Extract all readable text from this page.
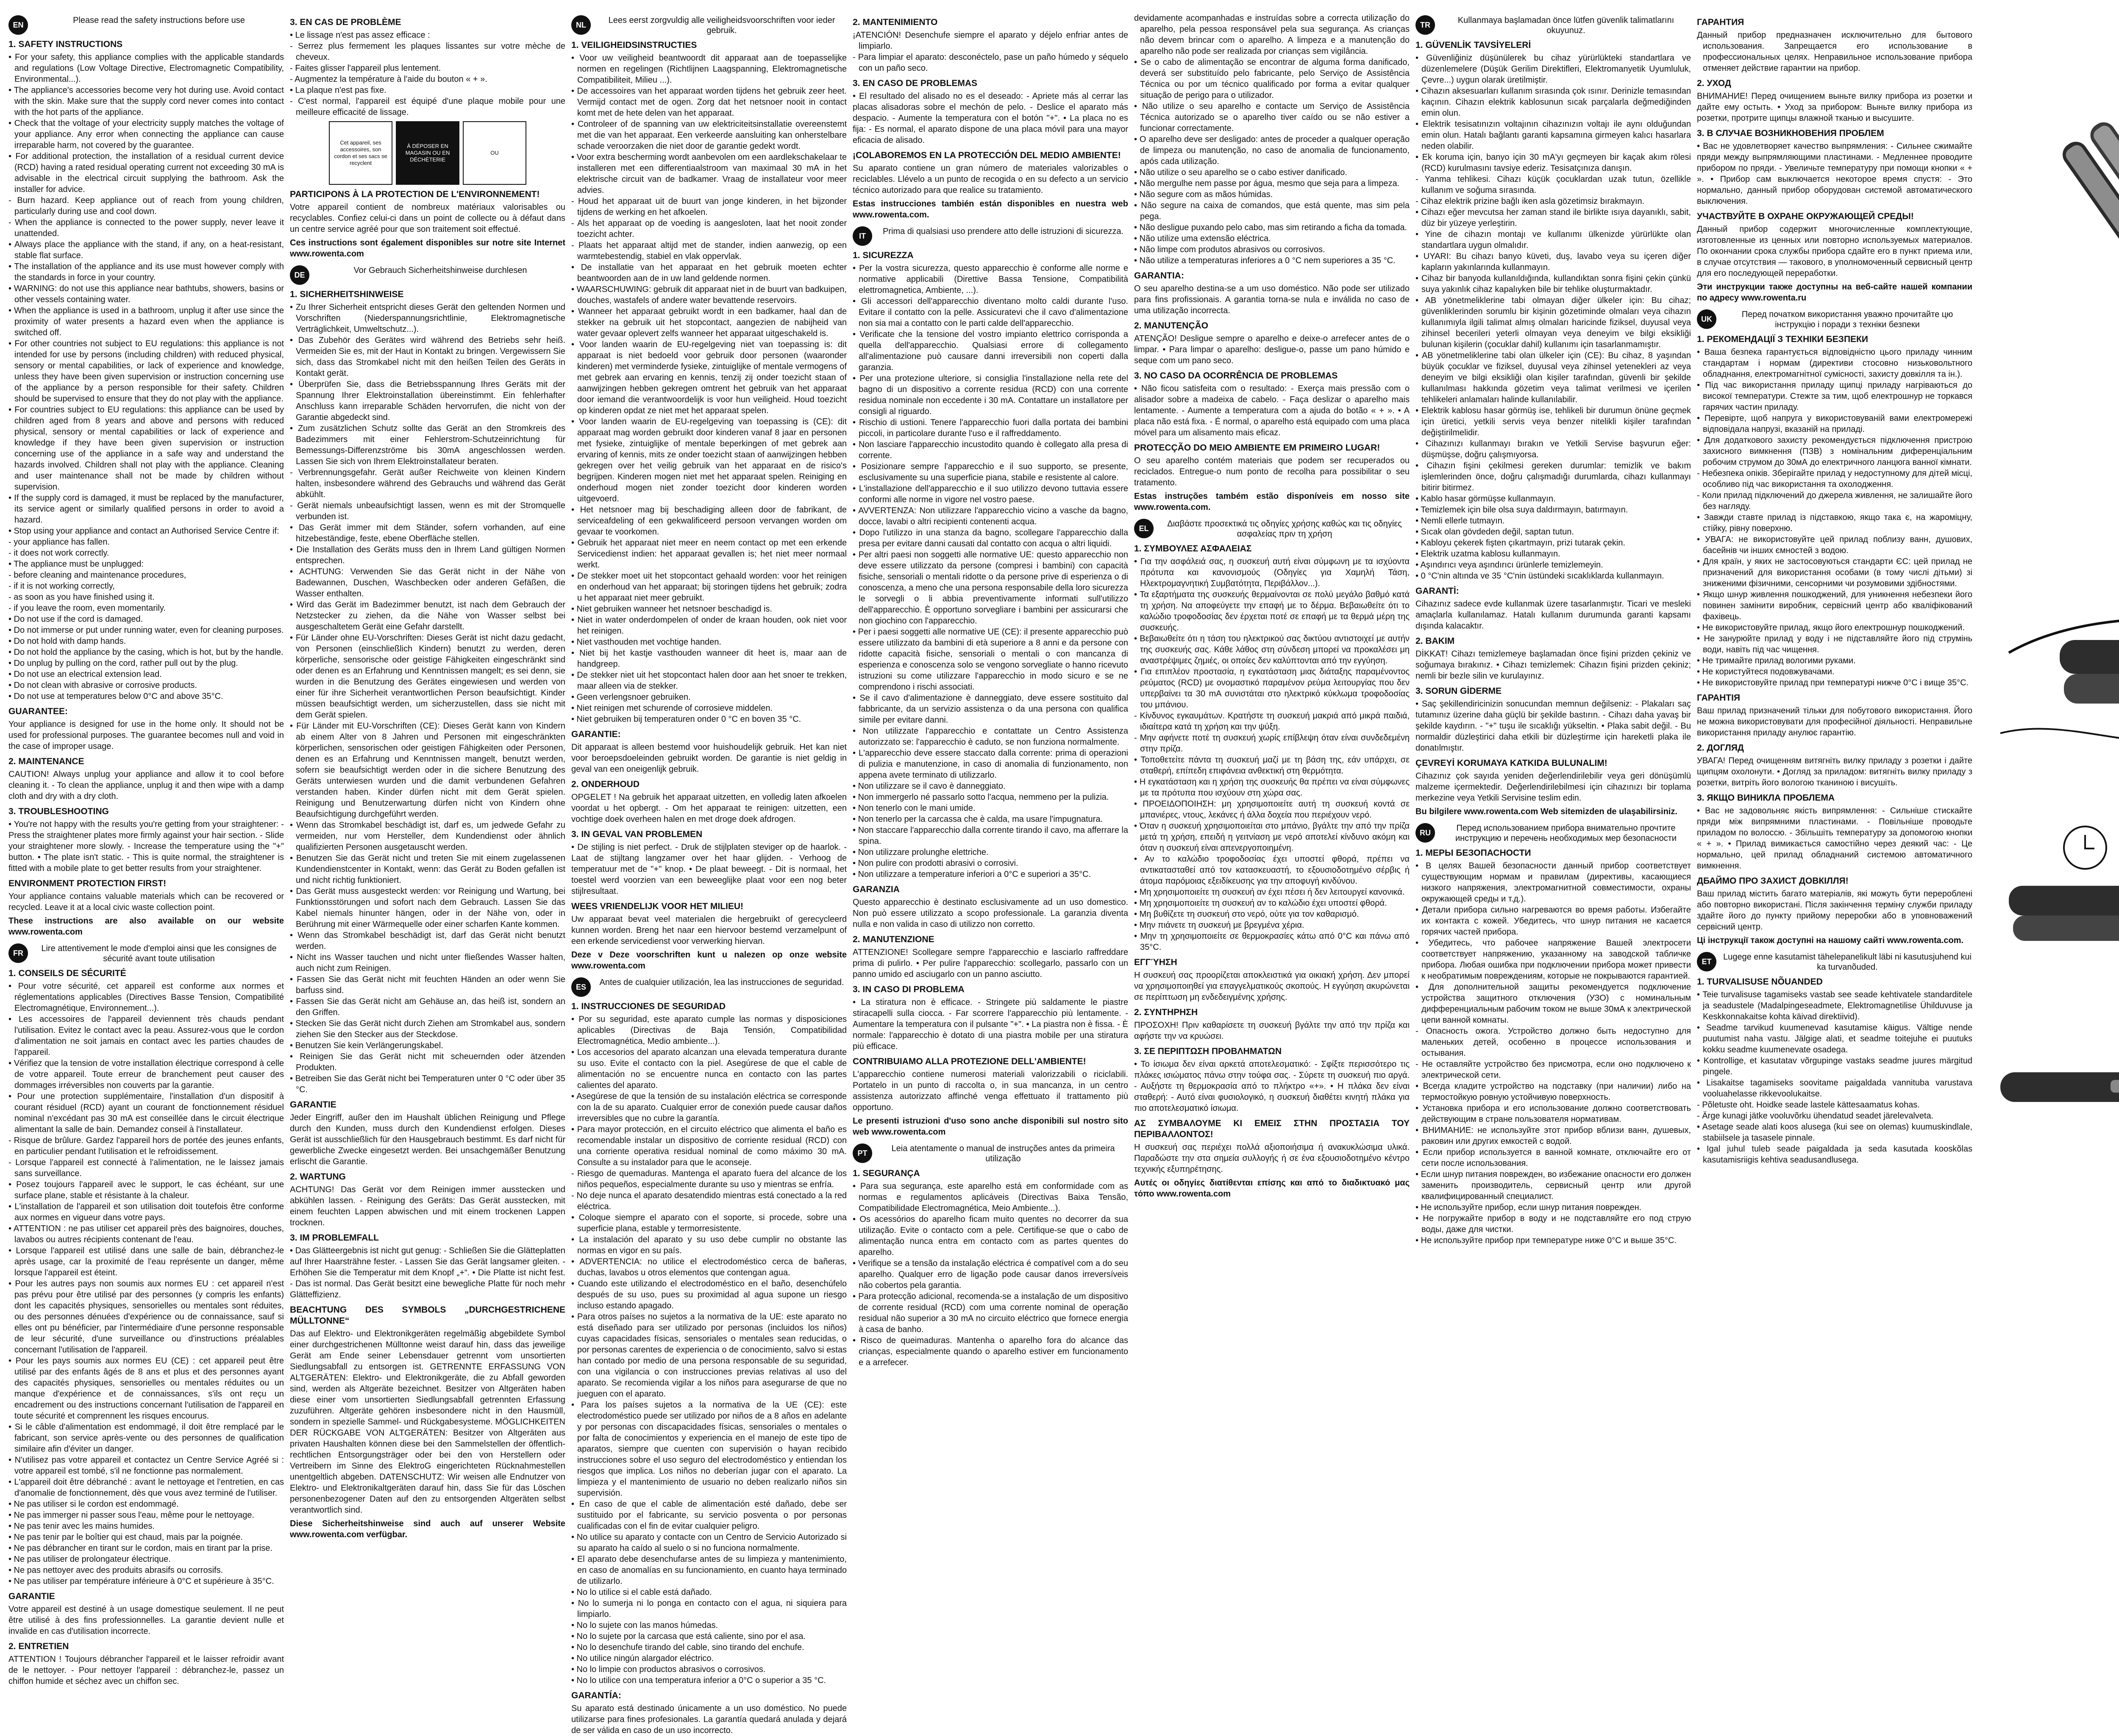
EN	Please read the safety instructions before use
1. SAFETY INSTRUCTIONS

• For your safety, this appliance complies with the applicable standards and regulations (Low Voltage Directive, Electromagnetic Compatibility, Environmental...).

• The appliance's accessories become very hot during use. Avoid contact with the skin. Make sure that the supply cord never comes into contact with the hot parts of the appliance.

• Check that the voltage of your electricity supply matches the voltage of your appliance. Any error when connecting the appliance can cause irreparable harm, not covered by the guarantee.

• For additional protection, the installation of a residual current device (RCD) having a rated residual operating current not exceeding 30 mA is advisable in the electrical circuit supplying the bathroom. Ask the installer for advice.

- Burn hazard. Keep appliance out of reach from young children, particularly during use and cool down.

- When the appliance is connected to the power supply, never leave it unattended.

• Always place the appliance with the stand, if any, on a heat-resistant, stable flat surface.

• The installation of the appliance and its use must however comply with the standards in force in your country.

• WARNING: do not use this appliance near bathtubs, showers, basins or other vessels containing water.

• When the appliance is used in a bathroom, unplug it after use since the proximity of water presents a hazard even when the appliance is switched off.

• For other countries not subject to EU regulations: this appliance is not intended for use by persons (including children) with reduced physical, sensory or mental capabilities, or lack of experience and knowledge, unless they have been given supervision or instruction concerning use of the appliance by a person responsible for their safety. Children should be supervised to ensure that they do not play with the appliance.

• For countries subject to EU regulations: this appliance can be used by children aged from 8 years and above and persons with reduced physical, sensory or mental capabilities or lack of experience and knowledge if they have been given supervision or instruction concerning use of the appliance in a safe way and understand the hazards involved. Children shall not play with the appliance. Cleaning and user maintenance shall not be made by children without supervision.

• If the supply cord is damaged, it must be replaced by the manufacturer, its service agent or similarly qualified persons in order to avoid a hazard.

• Stop using your appliance and contact an Authorised Service Centre if:

- your appliance has fallen.

- it does not work correctly.

• The appliance must be unplugged:

- before cleaning and maintenance procedures,

- if it is not working correctly,

- as soon as you have finished using it.

- if you leave the room, even momentarily.

• Do not use if the cord is damaged.

• Do not immerse or put under running water, even for cleaning purposes.

• Do not hold with damp hands.

• Do not hold the appliance by the casing, which is hot, but by the handle.

• Do unplug by pulling on the cord, rather pull out by the plug.

• Do not use an electrical extension lead.

• Do not clean with abrasive or corrosive products.

• Do not use at temperatures below 0°C and above 35°C.

GUARANTEE:

Your appliance is designed for use in the home only. It should not be used for professional purposes. The guarantee becomes null and void in the case of improper usage.

2. MAINTENANCE

CAUTION! Always unplug your appliance and allow it to cool before cleaning it. - To clean the appliance, unplug it and then wipe with a damp cloth and dry with a dry cloth.

3. TROUBLESHOOTING

• You're not happy with the results you're getting from your straightener: - Press the straightener plates more firmly against your hair section. - Slide your straightener more slowly. - Increase the temperature using the "+" button. • The plate isn't static. - This is quite normal, the straightener is fitted with a mobile plate to get better results from your straightener.

ENVIRONMENT PROTECTION FIRST!

Your appliance contains valuable materials which can be recovered or recycled. Leave it at a local civic waste collection point.

These instructions are also available on our website www.rowenta.com

FR	Lire attentivement le mode d'emploi ainsi que les consignes de sécurité avant toute utilisation
1. CONSEILS DE SÉCURITÉ

• Pour votre sécurité, cet appareil est conforme aux normes et réglementations applicables (Directives Basse Tension, Compatibilité Electromagnétique, Environnement...).

• Les accessoires de l'appareil deviennent très chauds pendant l'utilisation. Evitez le contact avec la peau. Assurez-vous que le cordon d'alimentation ne soit jamais en contact avec les parties chaudes de l'appareil.

• Vérifiez que la tension de votre installation électrique correspond à celle de votre appareil. Toute erreur de branchement peut causer des dommages irréversibles non couverts par la garantie.

• Pour une protection supplémentaire, l'installation d'un dispositif à courant résiduel (RCD) ayant un courant de fonctionnement résiduel nominal n'excédant pas 30 mA est conseillée dans le circuit électrique alimentant la salle de bain. Demandez conseil à l'installateur.

- Risque de brûlure. Gardez l'appareil hors de portée des jeunes enfants, en particulier pendant l'utilisation et le refroidissement.

- Lorsque l'appareil est connecté à l'alimentation, ne le laissez jamais sans surveillance.

• Posez toujours l'appareil avec le support, le cas échéant, sur une surface plane, stable et résistante à la chaleur.

• L'installation de l'appareil et son utilisation doit toutefois être conforme aux normes en vigueur dans votre pays.

• ATTENTION : ne pas utiliser cet appareil près des baignoires, douches, lavabos ou autres récipients contenant de l'eau.

• Lorsque l'appareil est utilisé dans une salle de bain, débranchez-le après usage, car la proximité de l'eau représente un danger, même lorsque l'appareil est éteint.

• Pour les autres pays non soumis aux normes EU : cet appareil n'est pas prévu pour être utilisé par des personnes (y compris les enfants) dont les capacités physiques, sensorielles ou mentales sont réduites, ou des personnes dénuées d'expérience ou de connaissance, sauf si elles ont pu bénéficier, par l'intermédiaire d'une personne responsable de leur sécurité, d'une surveillance ou d'instructions préalables concernant l'utilisation de l'appareil.

• Pour les pays soumis aux normes EU (CE) : cet appareil peut être utilisé par des enfants âgés de 8 ans et plus et des personnes ayant des capacités physiques, sensorielles ou mentales réduites ou un manque d'expérience et de connaissances, s'ils ont reçu un encadrement ou des instructions concernant l'utilisation de l'appareil en toute sécurité et comprennent les risques encourus.

• Si le câble d'alimentation est endommagé, il doit être remplacé par le fabricant, son service après-vente ou des personnes de qualification similaire afin d'éviter un danger.

• N'utilisez pas votre appareil et contactez un Centre Service Agréé si : votre appareil est tombé, s'il ne fonctionne pas normalement.

• L'appareil doit être débranché : avant le nettoyage et l'entretien, en cas d'anomalie de fonctionnement, dès que vous avez terminé de l'utiliser.

• Ne pas utiliser si le cordon est endommagé.

• Ne pas immerger ni passer sous l'eau, même pour le nettoyage.

• Ne pas tenir avec les mains humides.

• Ne pas tenir par le boîtier qui est chaud, mais par la poignée.

• Ne pas débrancher en tirant sur le cordon, mais en tirant par la prise.

• Ne pas utiliser de prolongateur électrique.

• Ne pas nettoyer avec des produits abrasifs ou corrosifs.

• Ne pas utiliser par température inférieure à 0°C et supérieure à 35°C.

GARANTIE

Votre appareil est destiné à un usage domestique seulement. Il ne peut être utilisé à des fins professionnelles. La garantie devient nulle et invalide en cas d'utilisation incorrecte.

2. ENTRETIEN

ATTENTION ! Toujours débrancher l'appareil et le laisser refroidir avant de le nettoyer. - Pour nettoyer l'appareil : débranchez-le, passez un chiffon humide et séchez avec un chiffon sec.

3. EN CAS DE PROBLÈME

• Le lissage n'est pas assez efficace :

- Serrez plus fermement les plaques lissantes sur votre mèche de cheveux.

- Faites glisser l'appareil plus lentement.

- Augmentez la température à l'aide du bouton « + ».

• La plaque n'est pas fixe.

- C'est normal, l'appareil est équipé d'une plaque mobile pour une meilleure efficacité de lissage.

Cet appareil, ses accessoires, son cordon et ses sacs se recyclent
À DÉPOSER EN MAGASIN OU EN DÉCHÈTERIE
OU
PARTICIPONS À LA PROTECTION DE L'ENVIRONNEMENT!

Votre appareil contient de nombreux matériaux valorisables ou recyclables. Confiez celui-ci dans un point de collecte ou à défaut dans un centre service agréé pour que son traitement soit effectué.

Ces instructions sont également disponibles sur notre site Internet www.rowenta.com

DE	Vor Gebrauch Sicherheitshinweise durchlesen
1. SICHERHEITSHINWEISE

• Zu Ihrer Sicherheit entspricht dieses Gerät den geltenden Normen und Vorschriften (Niederspannungsrichtlinie, Elektromagnetische Verträglichkeit, Umweltschutz...).

• Das Zubehör des Gerätes wird während des Betriebs sehr heiß. Vermeiden Sie es, mit der Haut in Kontakt zu bringen. Vergewissern Sie sich, dass das Stromkabel nicht mit den heißen Teilen des Geräts in Kontakt gerät.

• Überprüfen Sie, dass die Betriebsspannung Ihres Geräts mit der Spannung Ihrer Elektroinstallation übereinstimmt. Ein fehlerhafter Anschluss kann irreparable Schäden hervorrufen, die nicht von der Garantie abgedeckt sind.

• Zum zusätzlichen Schutz sollte das Gerät an den Stromkreis des Badezimmers mit einer Fehlerstrom-Schutzeinrichtung für Bemessungs-Differenzströme bis 30mA angeschlossen werden. Lassen Sie sich von Ihrem Elektroinstallateur beraten.

- Verbrennungsgefahr. Gerät außer Reichweite von kleinen Kindern halten, insbesondere während des Gebrauchs und während das Gerät abkühlt.

- Gerät niemals unbeaufsichtigt lassen, wenn es mit der Stromquelle verbunden ist.

• Das Gerät immer mit dem Ständer, sofern vorhanden, auf eine hitzebeständige, feste, ebene Oberfläche stellen.

• Die Installation des Geräts muss den in Ihrem Land gültigen Normen entsprechen.

• ACHTUNG: Verwenden Sie das Gerät nicht in der Nähe von Badewannen, Duschen, Waschbecken oder anderen Gefäßen, die Wasser enthalten.

• Wird das Gerät im Badezimmer benutzt, ist nach dem Gebrauch der Netzstecker zu ziehen, da die Nähe von Wasser selbst bei ausgeschaltetem Gerät eine Gefahr darstellt.

• Für Länder ohne EU-Vorschriften: Dieses Gerät ist nicht dazu gedacht, von Personen (einschließlich Kindern) benutzt zu werden, deren körperliche, sensorische oder geistige Fähigkeiten eingeschränkt sind oder denen es an Erfahrung und Kenntnissen mangelt; es sei denn, sie wurden in die Benutzung des Gerätes eingewiesen und werden von einer für ihre Sicherheit verantwortlichen Person beaufsichtigt. Kinder müssen beaufsichtigt werden, um sicherzustellen, dass sie nicht mit dem Gerät spielen.

• Für Länder mit EU-Vorschriften (CE): Dieses Gerät kann von Kindern ab einem Alter von 8 Jahren und Personen mit eingeschränkten körperlichen, sensorischen oder geistigen Fähigkeiten oder Personen, denen es an Erfahrung und Kenntnissen mangelt, benutzt werden, sofern sie beaufsichtigt werden oder in die sichere Benutzung des Geräts unterwiesen wurden und die damit verbundenen Gefahren verstanden haben. Kinder dürfen nicht mit dem Gerät spielen. Reinigung und Benutzerwartung dürfen nicht von Kindern ohne Beaufsichtigung durchgeführt werden.

• Wenn das Stromkabel beschädigt ist, darf es, um jedwede Gefahr zu vermeiden, nur vom Hersteller, dem Kundendienst oder ähnlich qualifizierten Personen ausgetauscht werden.

• Benutzen Sie das Gerät nicht und treten Sie mit einem zugelassenen Kundendienstcenter in Kontakt, wenn: das Gerät zu Boden gefallen ist und nicht richtig funktioniert.

• Das Gerät muss ausgesteckt werden: vor Reinigung und Wartung, bei Funktionsstörungen und sofort nach dem Gebrauch. Lassen Sie das Kabel niemals hinunter hängen, oder in der Nähe von, oder in Berührung mit einer Wärmequelle oder einer scharfen Kante kommen.

• Wenn das Stromkabel beschädigt ist, darf das Gerät nicht benutzt werden.

• Nicht ins Wasser tauchen und nicht unter fließendes Wasser halten, auch nicht zum Reinigen.

• Fassen Sie das Gerät nicht mit feuchten Händen an oder wenn Sie barfuss sind.

• Fassen Sie das Gerät nicht am Gehäuse an, das heiß ist, sondern an den Griffen.

• Stecken Sie das Gerät nicht durch Ziehen am Stromkabel aus, sondern ziehen Sie den Stecker aus der Steckdose.

• Benutzen Sie kein Verlängerungskabel.

• Reinigen Sie das Gerät nicht mit scheuernden oder ätzenden Produkten.

• Betreiben Sie das Gerät nicht bei Temperaturen unter 0 °C oder über 35 °C.

GARANTIE

Jeder Eingriff, außer den im Haushalt üblichen Reinigung und Pflege durch den Kunden, muss durch den Kundendienst erfolgen. Dieses Gerät ist ausschließlich für den Hausgebrauch bestimmt. Es darf nicht für gewerbliche Zwecke eingesetzt werden. Bei unsachgemäßer Benutzung erlischt die Garantie.

2. WARTUNG

ACHTUNG! Das Gerät vor dem Reinigen immer ausstecken und abkühlen lassen. - Reinigung des Geräts: Das Gerät ausstecken, mit einem feuchten Lappen abwischen und mit einem trockenen Lappen trocknen.

3. IM PROBLEMFALL

• Das Glätteergebnis ist nicht gut genug: - Schließen Sie die Glätteplatten auf Ihrer Haarsträhne fester. - Lassen Sie das Gerät langsamer gleiten. - Erhöhen Sie die Temperatur mit dem Knopf „+“. • Die Platte ist nicht fest. - Das ist normal. Das Gerät besitzt eine bewegliche Platte für noch mehr Glätteffizienz.

BEACHTUNG DES SYMBOLS „DURCHGESTRICHENE MÜLLTONNE“

Das auf Elektro- und Elektronikgeräten regelmäßig abgebildete Symbol einer durchgestrichenen Mülltonne weist darauf hin, dass das jeweilige Gerät am Ende seiner Lebensdauer getrennt vom unsortierten Siedlungsabfall zu entsorgen ist. GETRENNTE ERFASSUNG VON ALTGERÄTEN: Elektro- und Elektronikgeräte, die zu Abfall geworden sind, werden als Altgeräte bezeichnet. Besitzer von Altgeräten haben diese einer vom unsortierten Siedlungsabfall getrennten Erfassung zuzuführen. Altgeräte gehören insbesondere nicht in den Hausmüll, sondern in spezielle Sammel- und Rückgabesysteme. MÖGLICHKEITEN DER RÜCKGABE VON ALTGERÄTEN: Besitzer von Altgeräten aus privaten Haushalten können diese bei den Sammelstellen der öffentlich-rechtlichen Entsorgungsträger oder bei den von Herstellern oder Vertreibern im Sinne des ElektroG eingerichteten Rücknahmestellen unentgeltlich abgeben. DATENSCHUTZ: Wir weisen alle Endnutzer von Elektro- und Elektronikaltgeräten darauf hin, dass Sie für das Löschen personenbezogener Daten auf den zu entsorgenden Altgeräten selbst verantwortlich sind.

Diese Sicherheitshinweise sind auch auf unserer Website www.rowenta.com verfügbar.

NL	Lees eerst zorgvuldig alle veiligheidsvoorschriften voor ieder gebruik.
1. VEILIGHEIDSINSTRUCTIES

• Voor uw veiligheid beantwoordt dit apparaat aan de toepasselijke normen en regelingen (Richtlijnen Laagspanning, Elektromagnetische Compatibiliteit, Milieu ...).

• De accessoires van het apparaat worden tijdens het gebruik zeer heet. Vermijd contact met de ogen. Zorg dat het netsnoer nooit in contact komt met de hete delen van het apparaat.

• Controleer of de spanning van uw elektriciteitsinstallatie overeenstemt met die van het apparaat. Een verkeerde aansluiting kan onherstelbare schade veroorzaken die niet door de garantie gedekt wordt.

• Voor extra bescherming wordt aanbevolen om een aardlekschakelaar te installeren met een differentiaalstroom van maximaal 30 mA in het elektrische circuit van de badkamer. Vraag de installateur voor meer advies.

- Houd het apparaat uit de buurt van jonge kinderen, in het bijzonder tijdens de werking en het afkoelen.

- Als het apparaat op de voeding is aangesloten, laat het nooit zonder toezicht achter.

- Plaats het apparaat altijd met de stander, indien aanwezig, op een warmtebestendig, stabiel en vlak oppervlak.

• De installatie van het apparaat en het gebruik moeten echter beantwoorden aan de in uw land geldende normen.

• WAARSCHUWING: gebruik dit apparaat niet in de buurt van badkuipen, douches, wastafels of andere water bevattende reservoirs.

• Wanneer het apparaat gebruikt wordt in een badkamer, haal dan de stekker na gebruik uit het stopcontact, aangezien de nabijheid van water gevaar oplevert zelfs wanneer het apparaat uitgeschakeld is.

• Voor landen waarin de EU-regelgeving niet van toepassing is: dit apparaat is niet bedoeld voor gebruik door personen (waaronder kinderen) met verminderde fysieke, zintuiglijke of mentale vermogens of met gebrek aan ervaring en kennis, tenzij zij onder toezicht staan of aanwijzingen hebben gekregen omtrent het gebruik van het apparaat door iemand die verantwoordelijk is voor hun veiligheid. Houd toezicht op kinderen opdat ze niet met het apparaat spelen.

• Voor landen waarin de EU-regelgeving van toepassing is (CE): dit apparaat mag worden gebruikt door kinderen vanaf 8 jaar en personen met fysieke, zintuiglijke of mentale beperkingen of met gebrek aan ervaring of kennis, mits ze onder toezicht staan of aanwijzingen hebben gekregen over het veilig gebruik van het apparaat en de risico's begrijpen. Kinderen mogen niet met het apparaat spelen. Reiniging en onderhoud mogen niet zonder toezicht door kinderen worden uitgevoerd.

• Het netsnoer mag bij beschadiging alleen door de fabrikant, de serviceafdeling of een gekwalificeerd persoon vervangen worden om gevaar te voorkomen.

• Gebruik het apparaat niet meer en neem contact op met een erkende Servicedienst indien: het apparaat gevallen is; het niet meer normaal werkt.

• De stekker moet uit het stopcontact gehaald worden: voor het reinigen en onderhoud van het apparaat; bij storingen tijdens het gebruik; zodra u het apparaat niet meer gebruikt.

• Niet gebruiken wanneer het netsnoer beschadigd is.

• Niet in water onderdompelen of onder de kraan houden, ook niet voor het reinigen.

• Niet vasthouden met vochtige handen.

• Niet bij het kastje vasthouden wanneer dit heet is, maar aan de handgreep.

• De stekker niet uit het stopcontact halen door aan het snoer te trekken, maar alleen via de stekker.

• Geen verlengsnoer gebruiken.

• Niet reinigen met schurende of corrosieve middelen.

• Niet gebruiken bij temperaturen onder 0 °C en boven 35 °C.

GARANTIE:

Dit apparaat is alleen bestemd voor huishoudelijk gebruik. Het kan niet voor beroepsdoeleinden gebruikt worden. De garantie is niet geldig in geval van een oneigenlijk gebruik.

2. ONDERHOUD

OPGELET ! Na gebruik het apparaat uitzetten, en volledig laten afkoelen voordat u het opbergt. - Om het apparaat te reinigen: uitzetten, een vochtige doek overheen halen en met droge doek afdrogen.

3. IN GEVAL VAN PROBLEMEN

• De stijling is niet perfect. - Druk de stijlplaten steviger op de haarlok. - Laat de stijltang langzamer over het haar glijden. - Verhoog de temperatuur met de "+" knop. • De plaat beweegt. - Dit is normaal, het toestel werd voorzien van een beweeglijke plaat voor een nog beter stijlresultaat.

WEES VRIENDELIJK VOOR HET MILIEU!

Uw apparaat bevat veel materialen die hergebruikt of gerecycleerd kunnen worden. Breng het naar een hiervoor bestemd verzamelpunt of een erkende servicedienst voor verwerking hiervan.

Deze v Deze voorschriften kunt u nalezen op onze website www.rowenta.com

ES	Antes de cualquier utilización, lea las instrucciones de seguridad.
1. INSTRUCCIONES DE SEGURIDAD

• Por su seguridad, este aparato cumple las normas y disposiciones aplicables (Directivas de Baja Tensión, Compatibilidad Electromagnética, Medio ambiente...).

• Los accesorios del aparato alcanzan una elevada temperatura durante su uso. Evite el contacto con la piel. Asegúrese de que el cable de alimentación no se encuentre nunca en contacto con las partes calientes del aparato.

• Asegúrese de que la tensión de su instalación eléctrica se corresponde con la de su aparato. Cualquier error de conexión puede causar daños irreversibles que no cubre la garantía.

• Para mayor protección, en el circuito eléctrico que alimenta el baño es recomendable instalar un dispositivo de corriente residual (RCD) con una corriente operativa residual nominal de como máximo 30 mA. Consulte a su instalador para que le aconseje.

- Riesgo de quemaduras. Mantenga el aparato fuera del alcance de los niños pequeños, especialmente durante su uso y mientras se enfría.

- No deje nunca el aparato desatendido mientras está conectado a la red eléctrica.

• Coloque siempre el aparato con el soporte, si procede, sobre una superficie plana, estable y termorresistente.

• La instalación del aparato y su uso debe cumplir no obstante las normas en vigor en su país.

• ADVERTENCIA: no utilice el electrodoméstico cerca de bañeras, duchas, lavabos u otros elementos que contengan agua.

• Cuando este utilizando el electrodoméstico en el baño, desenchúfelo después de su uso, pues su proximidad al agua supone un riesgo incluso estando apagado.

• Para otros países no sujetos a la normativa de la UE: este aparato no está diseñado para ser utilizado por personas (incluidos los niños) cuyas capacidades físicas, sensoriales o mentales sean reducidas, o por personas carentes de experiencia o de conocimiento, salvo si estas han contado por medio de una persona responsable de su seguridad, con una vigilancia o con instrucciones previas relativas al uso del aparato. Se recomienda vigilar a los niños para asegurarse de que no jueguen con el aparato.

• Para los países sujetos a la normativa de la UE (CE): este electrodoméstico puede ser utilizado por niños de a 8 años en adelante y por personas con discapacidades físicas, sensoriales o mentales o por falta de conocimientos y experiencia en el manejo de este tipo de aparatos, siempre que cuenten con supervisión o hayan recibido instrucciones sobre el uso seguro del electrodoméstico y entiendan los riesgos que implica. Los niños no deberían jugar con el aparato. La limpieza y el mantenimiento de usuario no deben realizarlo niños sin supervisión.

• En caso de que el cable de alimentación esté dañado, debe ser sustituido por el fabricante, su servicio posventa o por personas cualificadas con el fin de evitar cualquier peligro.

• No utilice su aparato y contacte con un Centro de Servicio Autorizado si su aparato ha caído al suelo o si no funciona normalmente.

• El aparato debe desenchufarse antes de su limpieza y mantenimiento, en caso de anomalías en su funcionamiento, en cuanto haya terminado de utilizarlo.

• No lo utilice si el cable está dañado.

• No lo sumerja ni lo ponga en contacto con el agua, ni siquiera para limpiarlo.

• No lo sujete con las manos húmedas.

• No lo sujete por la carcasa que está caliente, sino por el asa.

• No lo desenchufe tirando del cable, sino tirando del enchufe.

• No utilice ningún alargador eléctrico.

• No lo limpie con productos abrasivos o corrosivos.

• No lo utilice con una temperatura inferior a 0°C o superior a 35 °C.

GARANTÍA:

Su aparato está destinado únicamente a un uso doméstico. No puede utilizarse para fines profesionales. La garantía quedará anulada y dejará de ser válida en caso de un uso incorrecto.

2. MANTENIMIENTO

¡ATENCIÓN! Desenchufe siempre el aparato y déjelo enfriar antes de limpiarlo.

- Para limpiar el aparato: desconéctelo, pase un paño húmedo y séquelo con un paño seco.

3. EN CASO DE PROBLEMAS

• El resultado del alisado no es el deseado: - Apriete más al cerrar las placas alisadoras sobre el mechón de pelo. - Deslice el aparato más despacio. - Aumente la temperatura con el botón "+". • La placa no es fija: - Es normal, el aparato dispone de una placa móvil para una mayor eficacia de alisado.

¡COLABOREMOS EN LA PROTECCIÓN DEL MEDIO AMBIENTE!

Su aparato contiene un gran número de materiales valorizables o reciclables. Llévelo a un punto de recogida o en su defecto a un servicio técnico autorizado para que realice su tratamiento.

Estas instrucciones también están disponibles en nuestra web www.rowenta.com.

IT	Prima di qualsiasi uso prendere atto delle istruzioni di sicurezza.
1. SICUREZZA

• Per la vostra sicurezza, questo apparecchio è conforme alle norme e normative applicabili (Direttive Bassa Tensione, Compatibilità elettromagnetica, Ambiente, ...).

• Gli accessori dell'apparecchio diventano molto caldi durante l'uso. Evitare il contatto con la pelle. Assicuratevi che il cavo d'alimentazione non sia mai a contatto con le parti calde dell'apparecchio.

• Verificate che la tensione del vostro impianto elettrico corrisponda a quella dell'apparecchio. Qualsiasi errore di collegamento all'alimentazione può causare danni irreversibili non coperti dalla garanzia.

• Per una protezione ulteriore, si consiglia l'installazione nella rete del bagno di un dispositivo a corrente residua (RCD) con una corrente residua nominale non eccedente i 30 mA. Contattare un installatore per consigli al riguardo.

• Rischio di ustioni. Tenere l'apparecchio fuori dalla portata dei bambini piccoli, in particolare durante l'uso e il raffreddamento.

• Non lasciare l'apparecchio incustodito quando è collegato alla presa di corrente.

• Posizionare sempre l'apparecchio e il suo supporto, se presente, esclusivamente su una superficie piana, stabile e resistente al calore.

• L'installazione dell'apparecchio e il suo utilizzo devono tuttavia essere conformi alle norme in vigore nel vostro paese.

• AVVERTENZA: Non utilizzare l'apparecchio vicino a vasche da bagno, docce, lavabi o altri recipienti contenenti acqua.

• Dopo l'utilizzo in una stanza da bagno, scollegare l'apparecchio dalla presa per evitare danni causati dal contatto con acqua o altri liquidi.

• Per altri paesi non soggetti alle normative UE: questo apparecchio non deve essere utilizzato da persone (compresi i bambini) con capacità fisiche, sensoriali o mentali ridotte o da persone prive di esperienza o di conoscenza, a meno che una persona responsabile della loro sicurezza le sorvegli o li abbia preventivamente informati sull'utilizzo dell'apparecchio. È opportuno sorvegliare i bambini per assicurarsi che non giochino con l'apparecchio.

• Per i paesi soggetti alle normative UE (CE): il presente apparecchio può essere utilizzato da bambini di età superiore a 8 anni e da persone con ridotte capacità fisiche, sensoriali o mentali o con mancanza di esperienza e conoscenza solo se vengono sorvegliate o hanno ricevuto istruzioni su come utilizzare l'apparecchio in modo sicuro e se ne comprendono i rischi associati.

• Se il cavo d'alimentazione è danneggiato, deve essere sostituito dal fabbricante, da un servizio assistenza o da una persona con qualifica simile per evitare danni.

• Non utilizzate l'apparecchio e contattate un Centro Assistenza autorizzato se: l'apparecchio è caduto, se non funziona normalmente.

• L'apparecchio deve essere staccato dalla corrente: prima di operazioni di pulizia e manutenzione, in caso di anomalia di funzionamento, non appena avete terminato di utilizzarlo.

• Non utilizzare se il cavo è danneggiato.

• Non immergerlo né passarlo sotto l'acqua, nemmeno per la pulizia.

• Non tenerlo con le mani umide.

• Non tenerlo per la carcassa che è calda, ma usare l'impugnatura.

• Non staccare l'apparecchio dalla corrente tirando il cavo, ma afferrare la spina.

• Non utilizzare prolunghe elettriche.

• Non pulire con prodotti abrasivi o corrosivi.

• Non utilizzare a temperature inferiori a 0°C e superiori a 35°C.

GARANZIA

Questo apparecchio è destinato esclusivamente ad un uso domestico. Non può essere utilizzato a scopo professionale. La garanzia diventa nulla e non valida in caso di utilizzo non corretto.

2. MANUTENZIONE

ATTENZIONE! Scollegare sempre l'apparecchio e lasciarlo raffreddare prima di pulirlo. • Per pulire l'apparecchio: scollegarlo, passarlo con un panno umido ed asciugarlo con un panno asciutto.

3. IN CASO DI PROBLEMA

• La stiratura non è efficace. - Stringete più saldamente le piastre stiracapelli sulla ciocca. - Far scorrere l'apparecchio più lentamente. - Aumentare la temperatura con il pulsante "+". • La piastra non è fissa. - È normale: l'apparecchio è dotato di una piastra mobile per una stiratura più efficace.

CONTRIBUIAMO ALLA PROTEZIONE DELL'AMBIENTE!

L'apparecchio contiene numerosi materiali valorizzabili o riciclabili. Portatelo in un punto di raccolta o, in sua mancanza, in un centro assistenza autorizzato affinché venga effettuato il trattamento più opportuno.

Le presenti istruzioni d'uso sono anche disponibili sul nostro sito web www.rowenta.com

PT	Leia atentamente o manual de instruções antes da primeira utilização
1. SEGURANÇA

• Para sua segurança, este aparelho está em conformidade com as normas e regulamentos aplicáveis (Directivas Baixa Tensão, Compatibilidade Electromagnética, Meio Ambiente...).

• Os acessórios do aparelho ficam muito quentes no decorrer da sua utilização. Evite o contacto com a pele. Certifique-se que o cabo de alimentação nunca entra em contacto com as partes quentes do aparelho.

• Verifique se a tensão da instalação eléctrica é compatível com a do seu aparelho. Qualquer erro de ligação pode causar danos irreversíveis não cobertos pela garantia.

• Para protecção adicional, recomenda-se a instalação de um dispositivo de corrente residual (RCD) com uma corrente nominal de operação residual não superior a 30 mA no circuito eléctrico que fornece energia à casa de banho.

• Risco de queimaduras. Mantenha o aparelho fora do alcance das crianças, especialmente quando o aparelho estiver em funcionamento e a arrefecer.

devidamente acompanhadas e instruídas sobre a correcta utilização do aparelho, pela pessoa responsável pela sua segurança. As crianças não devem brincar com o aparelho. A limpeza e a manutenção do aparelho não pode ser realizada por crianças sem vigilância.

• Se o cabo de alimentação se encontrar de alguma forma danificado, deverá ser substituído pelo fabricante, pelo Serviço de Assistência Técnica ou por um técnico qualificado por forma a evitar qualquer situação de perigo para o utilizador.

• Não utilize o seu aparelho e contacte um Serviço de Assistência Técnica autorizado se o aparelho tiver caído ou se não estiver a funcionar correctamente.

• O aparelho deve ser desligado: antes de proceder a qualquer operação de limpeza ou manutenção, no caso de anomalia de funcionamento, após cada utilização.

• Não utilize o seu aparelho se o cabo estiver danificado.

• Não mergulhe nem passe por água, mesmo que seja para a limpeza.

• Não segure com as mãos húmidas.

• Não segure na caixa de comandos, que está quente, mas sim pela pega.

• Não desligue puxando pelo cabo, mas sim retirando a ficha da tomada.

• Não utilize uma extensão eléctrica.

• Não limpe com produtos abrasivos ou corrosivos.

• Não utilize a temperaturas inferiores a 0 °C nem superiores a 35 °C.

GARANTIA:

O seu aparelho destina-se a um uso doméstico. Não pode ser utilizado para fins profissionais. A garantia torna-se nula e inválida no caso de uma utilização incorrecta.

2. MANUTENÇÃO

ATENÇÃO! Desligue sempre o aparelho e deixe-o arrefecer antes de o limpar. • Para limpar o aparelho: desligue-o, passe um pano húmido e seque com um pano seco.

3. NO CASO DA OCORRÊNCIA DE PROBLEMAS

• Não ficou satisfeita com o resultado: - Exerça mais pressão com o alisador sobre a madeixa de cabelo. - Faça deslizar o aparelho mais lentamente. - Aumente a temperatura com a ajuda do botão « + ». • A placa não está fixa. - É normal, o aparelho está equipado com uma placa móvel para um alisamento mais eficaz.

PROTECÇÃO DO MEIO AMBIENTE EM PRIMEIRO LUGAR!

O seu aparelho contém materiais que podem ser recuperados ou reciclados. Entregue-o num ponto de recolha para possibilitar o seu tratamento.

Estas instruções também estão disponíveis em nosso site www.rowenta.com.

EL	Διαβάστε προσεκτικά τις οδηγίες χρήσης καθώς και τις οδηγίες ασφαλείας πριν τη χρήση
1. ΣΥΜΒΟΥΛΕΣ ΑΣΦΑΛΕΙΑΣ

• Για την ασφάλειά σας, η συσκευή αυτή είναι σύμφωνη με τα ισχύοντα πρότυπα και κανονισμούς (Οδηγίες για Χαμηλή Τάση, Ηλεκτρομαγνητική Συμβατότητα, Περιβάλλον...).

• Τα εξαρτήματα της συσκευής θερμαίνονται σε πολύ μεγάλο βαθμό κατά τη χρήση. Να αποφεύγετε την επαφή με το δέρμα. Βεβαιωθείτε ότι το καλώδιο τροφοδοσίας δεν έρχεται ποτέ σε επαφή με τα θερμά μέρη της συσκευής.

• Βεβαιωθείτε ότι η τάση του ηλεκτρικού σας δικτύου αντιστοιχεί με αυτήν της συσκευής σας. Κάθε λάθος στη σύνδεση μπορεί να προκαλέσει μη αναστρέψιμες ζημιές, οι οποίες δεν καλύπτονται από την εγγύηση.

• Για επιπλέον προστασία, η εγκατάσταση μιας διάταξης παραμένοντος ρεύματος (RCD) με ονομαστικό παραμένον ρεύμα λειτουργίας που δεν υπερβαίνει τα 30 mA συνιστάται στο ηλεκτρικό κύκλωμα τροφοδοσίας του μπάνιου.

- Κίνδυνος εγκαυμάτων. Κρατήστε τη συσκευή μακριά από μικρά παιδιά, ιδιαίτερα κατά τη χρήση και την ψύξη.

- Μην αφήνετε ποτέ τη συσκευή χωρίς επίβλεψη όταν είναι συνδεδεμένη στην πρίζα.

• Τοποθετείτε πάντα τη συσκευή μαζί με τη βάση της, εάν υπάρχει, σε σταθερή, επίπεδη επιφάνεια ανθεκτική στη θερμότητα.

• Η εγκατάσταση και η χρήση της συσκευής θα πρέπει να είναι σύμφωνες με τα πρότυπα που ισχύουν στη χώρα σας.

• ΠΡΟΕΙΔΟΠΟΙΗΣΗ: μη χρησιμοποιείτε αυτή τη συσκευή κοντά σε μπανιέρες, ντους, λεκάνες ή άλλα δοχεία που περιέχουν νερό.

• Όταν η συσκευή χρησιμοποιείται στο μπάνιο, βγάλτε την από την πρίζα μετά τη χρήση, επειδή η γειτνίαση με νερό αποτελεί κίνδυνο ακόμη και όταν η συσκευή είναι απενεργοποιημένη.

• Αν το καλώδιο τροφοδοσίας έχει υποστεί φθορά, πρέπει να αντικατασταθεί από τον κατασκευαστή, το εξουσιοδοτημένο σέρβις ή άτομα παρόμοιας εξειδίκευσης για την αποφυγή κινδύνου.

• Μη χρησιμοποιείτε τη συσκευή αν έχει πέσει ή δεν λειτουργεί κανονικά.

• Μη χρησιμοποιείτε τη συσκευή αν το καλώδιο έχει υποστεί φθορά.

• Μη βυθίζετε τη συσκευή στο νερό, ούτε για τον καθαρισμό.

• Μην πιάνετε τη συσκευή με βρεγμένα χέρια.

• Μην τη χρησιμοποιείτε σε θερμοκρασίες κάτω από 0°C και πάνω από 35°C.

ΕΓΓΎΗΣΗ

Η συσκευή σας προορίζεται αποκλειστικά για οικιακή χρήση. Δεν μπορεί να χρησιμοποιηθεί για επαγγελματικούς σκοπούς. Η εγγύηση ακυρώνεται σε περίπτωση μη ενδεδειγμένης χρήσης.

2. ΣΥΝΤΗΡΗΣΗ

ΠΡΟΣΟΧΗ! Πριν καθαρίσετε τη συσκευή βγάλτε την από την πρίζα και αφήστε την να κρυώσει.

3. ΣΕ ΠΕΡΙΠΤΩΣΗ ΠΡΟΒΛΗΜΑΤΩΝ

• Το ίσιωμα δεν είναι αρκετά αποτελεσματικό: - Σφίξτε περισσότερο τις πλάκες ισιώματος πάνω στην τούφα σας. - Σύρετε τη συσκευή πιο αργά. - Αυξήστε τη θερμοκρασία από το πλήκτρο «+». • Η πλάκα δεν είναι σταθερή: - Αυτό είναι φυσιολογικό, η συσκευή διαθέτει κινητή πλάκα για πιο αποτελεσματικό ίσιωμα.

ΑΣ ΣΥΜΒΑΛΟΥΜΕ ΚΙ ΕΜΕΙΣ ΣΤΗΝ ΠΡΟΣΤΑΣΙΑ ΤΟΥ ΠΕΡΙΒΑΛΛΟΝΤΟΣ!

Η συσκευή σας περιέχει πολλά αξιοποιήσιμα ή ανακυκλώσιμα υλικά. Παραδώστε την στα σημεία συλλογής ή σε ένα εξουσιοδοτημένο κέντρο τεχνικής εξυπηρέτησης.

Αυτές οι οδηγίες διατίθενται επίσης και από το διαδικτυακό μας τόπο www.rowenta.com

TR	Kullanmaya başlamadan önce lütfen güvenlik talimatlarını okuyunuz.
1. GÜVENLİK TAVSİYELERİ

• Güvenliğiniz düşünülerek bu cihaz yürürlükteki standartlara ve düzenlemelere (Düşük Gerilim Direktifleri, Elektromanyetik Uyumluluk, Çevre...) uygun olarak üretilmiştir.

• Cihazın aksesuarları kullanım sırasında çok ısınır. Derinizle temasından kaçının. Cihazın elektrik kablosunun sıcak parçalarla değmediğinden emin olun.

• Elektrik tesisatınızın voltajının cihazınızın voltajı ile aynı olduğundan emin olun. Hatalı bağlantı garanti kapsamına girmeyen kalıcı hasarlara neden olabilir.

• Ek koruma için, banyo için 30 mA'yı geçmeyen bir kaçak akım rölesi (RCD) kurulmasını tavsiye ederiz. Tesisatçınıza danışın.

- Yanma tehlikesi. Cihazı küçük çocuklardan uzak tutun, özellikle kullanım ve soğuma sırasında.

- Cihaz elektrik prizine bağlı iken asla gözetimsiz bırakmayın.

• Cihazı eğer mevcutsa her zaman stand ile birlikte ısıya dayanıklı, sabit, düz bir yüzeye yerleştirin.

• Yine de cihazın montajı ve kullanımı ülkenizde yürürlükte olan standartlara uygun olmalıdır.

• UYARI: Bu cihazı banyo küveti, duş, lavabo veya su içeren diğer kapların yakınlarında kullanmayın.

• Cihaz bir banyoda kullanıldığında, kullandıktan sonra fişini çekin çünkü suya yakınlık cihaz kapalıyken bile bir tehlike oluşturmaktadır.

• AB yönetmeliklerine tabi olmayan diğer ülkeler için: Bu cihaz; güvenliklerinden sorumlu bir kişinin gözetiminde olmaları veya cihazın kullanımıyla ilgili talimat almış olmaları haricinde fiziksel, duyusal veya zihinsel becerileri yeterli olmayan veya deneyim ve bilgi eksikliği bulunan kişilerin (çocuklar dahil) kullanımı için tasarlanmamıştır.

• AB yönetmeliklerine tabi olan ülkeler için (CE): Bu cihaz, 8 yaşından büyük çocuklar ve fiziksel, duyusal veya zihinsel yetenekleri az veya deneyim ve bilgi eksikliği olan kişiler tarafından, güvenli bir şekilde kullanılması hakkında gözetim veya talimat verilmesi ve içerilen tehlikeleri anlamaları halinde kullanılabilir.

• Elektrik kablosu hasar görmüş ise, tehlikeli bir durumun önüne geçmek için üretici, yetkili servis veya benzer nitelikli kişiler tarafından değiştirilmelidir.

• Cihazınızı kullanmayı bırakın ve Yetkili Servise başvurun eğer: düşmüşse, doğru çalışmıyorsa.

• Cihazın fişini çekilmesi gereken durumlar: temizlik ve bakım işlemlerinden önce, doğru çalışmadığı durumlarda, cihazı kullanmayı bitirir bitirmez.

• Kablo hasar görmüşse kullanmayın.

• Temizlemek için bile olsa suya daldırmayın, batırmayın.

• Nemli ellerle tutmayın.

• Sıcak olan gövdeden değil, saptan tutun.

• Kabloyu çekerek fişten çıkartmayın, prizi tutarak çekin.

• Elektrik uzatma kablosu kullanmayın.

• Aşındırıcı veya aşındırıcı ürünlerle temizlemeyin.

• 0 °C'nin altında ve 35 °C'nin üstündeki sıcaklıklarda kullanmayın.

GARANTİ:

Cihazınız sadece evde kullanmak üzere tasarlanmıştır. Ticari ve mesleki amaçlarla kullanılamaz. Hatalı kullanım durumunda garanti kapsamı dışında kalacaktır.

2. BAKIM

DİKKAT! Cihazı temizlemeye başlamadan önce fişini prizden çekiniz ve soğumaya bırakınız. • Cihazı temizlemek: Cihazın fişini prizden çekiniz; nemli bir bezle silin ve kurulayınız.

3. SORUN GİDERME

• Saç şekillendiricinizin sonucundan memnun değilseniz: - Plakaları saç tutamınız üzerine daha güçlü bir şekilde bastırın. - Cihazı daha yavaş bir şekilde kaydırın. - "+" tuşu ile sıcaklığı yükseltin. • Plaka sabit değil. - Bu normaldir düzleştirici daha etkili bir düzleştirme için hareketli plaka ile donatılmıştır.

ÇEVREYİ KORUMAYA KATKIDA BULUNALIM!

Cihazınız çok sayıda yeniden değerlendirilebilir veya geri dönüşümlü malzeme içermektedir. Değerlendirilebilmesi için cihazınızı bir toplama merkezine veya Yetkili Servisine teslim edin.

Bu bilgilere www.rowenta.com Web sitemizden de ulaşabilirsiniz.

RU	Перед использованием прибора внимательно прочтите инструкцию и перечень необходимых мер безопасности
1. МЕРЫ БЕЗОПАСНОСТИ

• В целях Вашей безопасности данный прибор соответствует существующим нормам и правилам (директивы, касающиеся низкого напряжения, электромагнитной совместимости, охраны окружающей среды и т.д.).

• Детали прибора сильно нагреваются во время работы. Избегайте их контакта с кожей. Убедитесь, что шнур питания не касается горячих частей прибора.

• Убедитесь, что рабочее напряжение Вашей электросети соответствует напряжению, указанному на заводской табличке прибора. Любая ошибка при подключении прибора может привести к необратимым повреждениям, которые не покрываются гарантией.

• Для дополнительной защиты рекомендуется подключение устройства защитного отключения (УЗО) с номинальным дифференциальным рабочим током не выше 30мА к электрической цепи ванной комнаты.

- Опасность ожога. Устройство должно быть недоступно для маленьких детей, особенно в процессе использования и остывания.

- Не оставляйте устройство без присмотра, если оно подключено к электрической сети.

• Всегда кладите устройство на подставку (при наличии) либо на термостойкую ровную устойчивую поверхность.

• Установка прибора и его использование должно соответствовать действующим в стране пользователя нормативам.

• ВНИМАНИЕ: не используйте этот прибор вблизи ванн, душевых, раковин или других емкостей с водой.

• Если прибор используется в ванной комнате, отключайте его от сети после использования.

• Если шнур питания поврежден, во избежание опасности его должен заменить производитель, сервисный центр или другой квалифицированный специалист.

• Не используйте прибор, если шнур питания поврежден.

• Не погружайте прибор в воду и не подставляйте его под струю воды, даже для чистки.

• Не используйте прибор при температуре ниже 0°C и выше 35°C.

ГАРАНТИЯ

Данный прибор предназначен исключительно для бытового использования. Запрещается его использование в профессиональных целях. Неправильное использование прибора отменяет действие гарантии на прибор.

2. УХОД

ВНИМАНИЕ! Перед очищением выньте вилку прибора из розетки и дайте ему остыть. • Уход за прибором: Выньте вилку прибора из розетки, протрите щипцы влажной тканью и высушите.

3. В СЛУЧАЕ ВОЗНИКНОВЕНИЯ ПРОБЛЕМ

• Вас не удовлетворяет качество выпрямления: - Сильнее сжимайте пряди между выпрямляющими пластинами. - Медленнее проводите прибором по пряди. - Увеличьте температуру при помощи кнопки « + ». • Прибор сам выключается некоторое время спустя: - Это нормально, данный прибор оборудован системой автоматического выключения.

УЧАСТВУЙТЕ В ОХРАНЕ ОКРУЖАЮЩЕЙ СРЕДЫ!

Данный прибор содержит многочисленные комплектующие, изготовленные из ценных или повторно используемых материалов. По окончании срока службы прибора сдайте его в пункт приема или, в случае отсутствия — такового, в уполномоченный сервисный центр для его последующей переработки.

Эти инструкции также доступны на веб-сайте нашей компании по адресу www.rowenta.ru

UK	Перед початком використання уважно прочитайте цю інструкцію і поради з техніки безпеки
1. РЕКОМЕНДАЦІЇ З ТЕХНІКИ БЕЗПЕКИ

• Ваша безпека гарантується відповідністю цього приладу чинним стандартам і нормам (директиви стосовно низьковольтного обладнання, електромагнітної сумісності, захисту довкілля та ін.).

• Під час використання приладу щипці приладу нагріваються до високої температури. Стежте за тим, щоб електрошнур не торкався гарячих частин приладу.

• Перевірте, щоб напруга у використовуваній вами електромережі відповідала напрузі, вказаній на приладі.

• Для додаткового захисту рекомендується підключення пристрою захисного вимкнення (ПЗВ) з номінальним диференціальним робочим струмом до 30мА до електричного ланцюга ванної кімнати.

- Небезпека опіків. Зберігайте прилад у недоступному для дітей місці, особливо під час використання та охолодження.

- Коли прилад підключений до джерела живлення, не залишайте його без нагляду.

• Завжди ставте прилад із підставкою, якщо така є, на жароміцну, стійку, рівну поверхню.

• УВАГА: не використовуйте цей прилад поблизу ванн, душових, басейнів чи інших ємностей з водою.

• Для країн, у яких не застосовуються стандарти ЄС: цей прилад не призначений для використання особами (в тому числі дітьми) зі зниженими фізичними, сенсорними чи розумовими здібностями.

• Якщо шнур живлення пошкоджений, для уникнення небезпеки його повинен замінити виробник, сервісний центр або кваліфікований фахівець.

• Не використовуйте прилад, якщо його електрошнур пошкоджений.

• Не занурюйте прилад у воду і не підставляйте його під струмінь води, навіть під час чищення.

• Не тримайте прилад вологими руками.

• Не користуйтеся подовжувачами.

• Не використовуйте прилад при температурі нижче 0°C і вище 35°C.

ГАРАНТІЯ

Ваш прилад призначений тільки для побутового використання. Його не можна використовувати для професійної діяльності. Неправильне використання приладу анулює гарантію.

2. ДОГЛЯД

УВАГА! Перед очищенням витягніть вилку приладу з розетки і дайте щипцям охолонути. • Догляд за приладом: витягніть вилку приладу з розетки, витріть його вологою тканиною і висушіть.

3. ЯКЩО ВИНИКЛА ПРОБЛЕМА

• Вас не задовольняє якість випрямлення: - Сильніше стискайте пряди між випрямними пластинами. - Повільніше проводьте приладом по волоссю. - Збільшіть температуру за допомогою кнопки « + ». • Прилад вимикається самостійно через деякий час: - Це нормально, цей прилад обладнаний системою автоматичного вимкнення.

ДБАЙМО ПРО ЗАХИСТ ДОВКІЛЛЯ!

Ваш прилад містить багато матеріалів, які можуть бути перероблені або повторно використані. Після закінчення терміну служби приладу здайте його до пункту прийому переробки або в уповноважений сервісний центр.

Ці інструкції також доступні на нашому сайті www.rowenta.com.

ET	Lugege enne kasutamist tähelepanelikult läbi ni kasutusjuhend kui ka turvanõuded.
1. TURVALISUSE NÕUANDED

• Teie turvalisuse tagamiseks vastab see seade kehtivatele standarditele ja seadustele (Madalpingeseadmete, Elektromagnetilise Ühilduvuse ja Keskkonnakaitse kohta käivad direktiivid).

• Seadme tarvikud kuumenevad kasutamise käigus. Vältige nende puutumist naha vastu. Jälgige alati, et seadme toitejuhe ei puutuks kokku seadme kuumenevate osadega.

• Kontrollige, et kasutatav võrgupinge vastaks seadme juures märgitud pingele.

• Lisakaitse tagamiseks soovitame paigaldada vannituba varustava vooluahelasse rikkevoolukaitse.

- Põletuste oht. Hoidke seade lastele kättesaamatus kohas.

- Ärge kunagi jätke vooluvõrku ühendatud seadet järelevalveta.

• Asetage seade alati koos alusega (kui see on olemas) kuumuskindlale, stabiilsele ja tasasele pinnale.

• Igal juhul tuleb seade paigaldada ja seda kasutada kooskõlas kasutamisriigis kehtiva seadusandlusega.
